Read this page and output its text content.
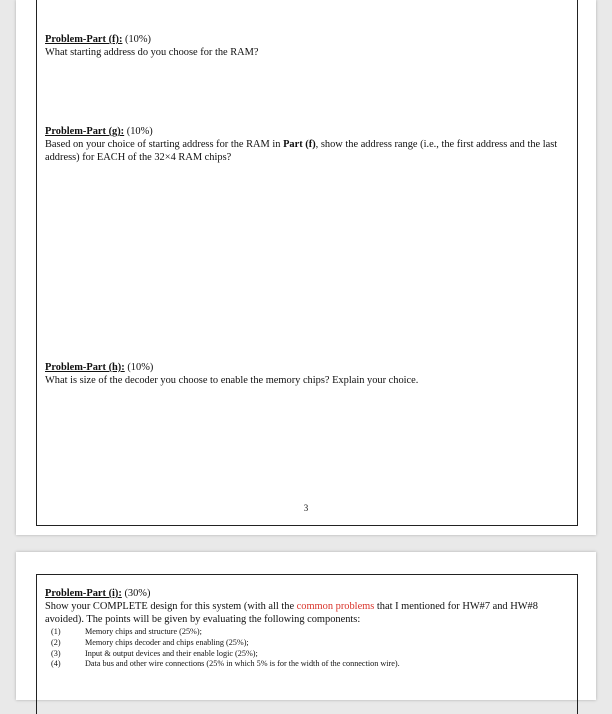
Problem-Part (f): (10%)
What starting address do you choose for the RAM?
Problem-Part (g): (10%)
Based on your choice of starting address for the RAM in Part (f), show the address range (i.e., the first address and the last address) for EACH of the 32×4 RAM chips?
Problem-Part (h): (10%)
What is size of the decoder you choose to enable the memory chips? Explain your choice.
3
Problem-Part (i): (30%)
Show your COMPLETE design for this system (with all the common problems that I mentioned for HW#7 and HW#8 avoided). The points will be given by evaluating the following components:
(1)	Memory chips and structure (25%);
(2)	Memory chips decoder and chips enabling (25%);
(3)	Input & output devices and their enable logic (25%);
(4)	Data bus and other wire connections (25% in which 5% is for the width of the connection wire).
